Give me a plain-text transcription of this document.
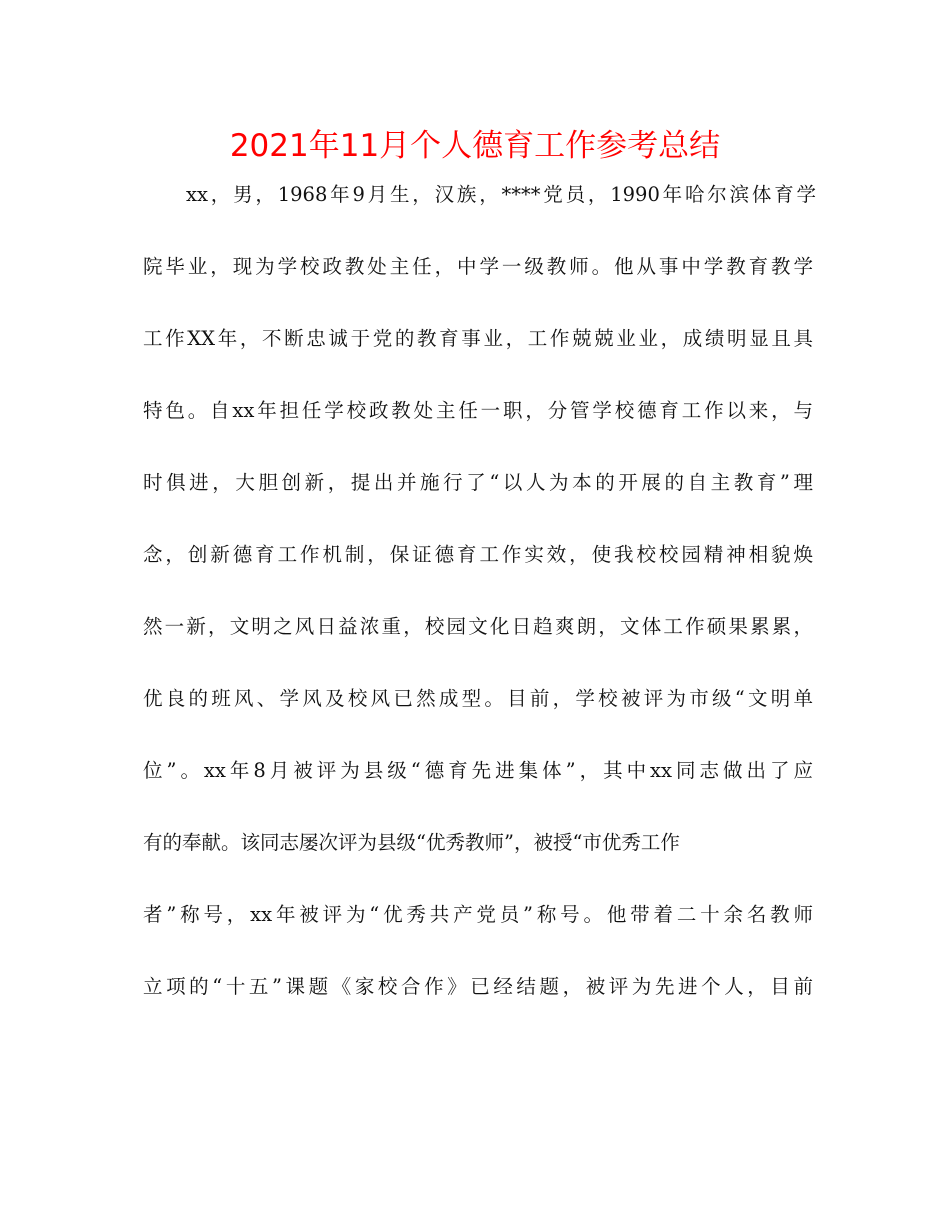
2021年11月个人德育工作参考总结
xx，男，1968年9月生，汉族，****党员，1990年哈尔滨体育学
院毕业，现为学校政教处主任，中学一级教师。他从事中学教育教学
工作XX年，不断忠诚于党的教育事业，工作兢兢业业，成绩明显且具
特色。自xx年担任学校政教处主任一职，分管学校德育工作以来，与
时俱进，大胆创新，提出并施行了“以人为本的开展的自主教育”理
念，创新德育工作机制，保证德育工作实效，使我校校园精神相貌焕
然一新，文明之风日益浓重，校园文化日趋爽朗，文体工作硕果累累，
优良的班风、学风及校风已然成型。目前，学校被评为市级“文明单
位”。xx年8月被评为县级“德育先进集体”，其中xx同志做出了应
有的奉献。该同志屡次评为县级“优秀教师”，被授“市优秀工作
者”称号，xx年被评为“优秀共产党员”称号。他带着二十余名教师
立项的“十五”课题《家校合作》已经结题，被评为先进个人，目前
